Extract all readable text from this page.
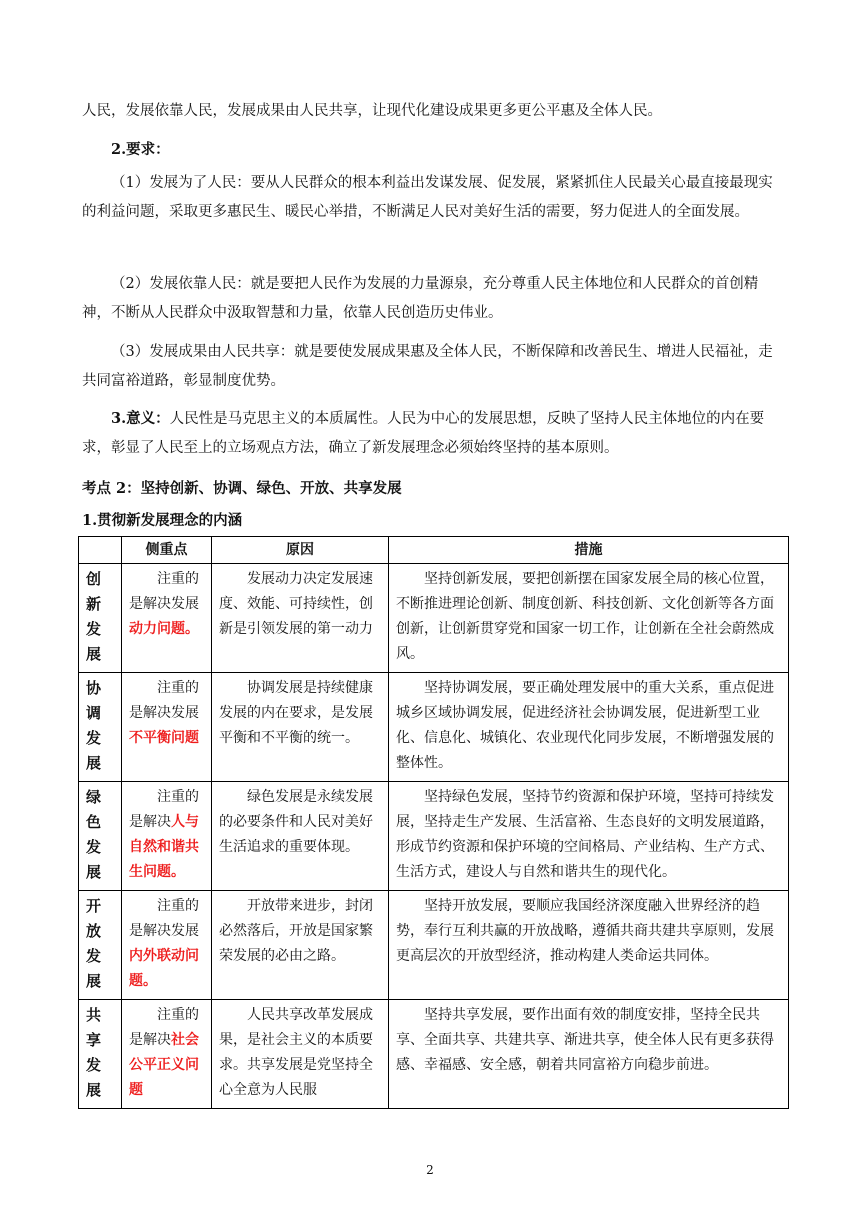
人民，发展依靠人民，发展成果由人民共享，让现代化建设成果更多更公平惠及全体人民。

2.要求：

（1）发展为了人民：要从人民群众的根本利益出发谋发展、促发展，紧紧抓住人民最关心最直接最现实的利益问题，采取更多惠民生、暖民心举措，不断满足人民对美好生活的需要，努力促进人的全面发展。

（2）发展依靠人民：就是要把人民作为发展的力量源泉，充分尊重人民主体地位和人民群众的首创精神，不断从人民群众中汲取智慧和力量，依靠人民创造历史伟业。

（3）发展成果由人民共享：就是要使发展成果惠及全体人民，不断保障和改善民生、增进人民福祉，走共同富裕道路，彰显制度优势。

3.意义：人民性是马克思主义的本质属性。人民为中心的发展思想，反映了坚持人民主体地位的内在要求，彰显了人民至上的立场观点方法，确立了新发展理念必须始终坚持的基本原则。

考点 2：坚持创新、协调、绿色、开放、共享发展

1.贯彻新发展理念的内涵

	侧重点	原因	措施
创新发展	注重的是解决发展动力问题。	发展动力决定发展速度、效能、可持续性，创新是引领发展的第一动力	坚持创新发展，要把创新摆在国家发展全局的核心位置，不断推进理论创新、制度创新、科技创新、文化创新等各方面创新，让创新贯穿党和国家一切工作，让创新在全社会蔚然成风。
协调发展	注重的是解决发展不平衡问题	协调发展是持续健康发展的内在要求，是发展平衡和不平衡的统一。	坚持协调发展，要正确处理发展中的重大关系，重点促进城乡区域协调发展，促进经济社会协调发展，促进新型工业化、信息化、城镇化、农业现代化同步发展，不断增强发展的整体性。
绿色发展	注重的是解决人与自然和谐共生问题。	绿色发展是永续发展的必要条件和人民对美好生活追求的重要体现。	坚持绿色发展，坚持节约资源和保护环境，坚持可持续发展，坚持走生产发展、生活富裕、生态良好的文明发展道路，形成节约资源和保护环境的空间格局、产业结构、生产方式、生活方式，建设人与自然和谐共生的现代化。
开放发展	注重的是解决发展内外联动问题。	开放带来进步，封闭必然落后，开放是国家繁荣发展的必由之路。	坚持开放发展，要顺应我国经济深度融入世界经济的趋势，奉行互利共赢的开放战略，遵循共商共建共享原则，发展更高层次的开放型经济，推动构建人类命运共同体。
共享发展	注重的是解决社会公平正义问题	人民共享改革发展成果，是社会主义的本质要求。共享发展是党坚持全心全意为人民服	坚持共享发展，要作出面有效的制度安排，坚持全民共享、全面共享、共建共享、渐进共享，使全体人民有更多获得感、幸福感、安全感，朝着共同富裕方向稳步前进。
2
